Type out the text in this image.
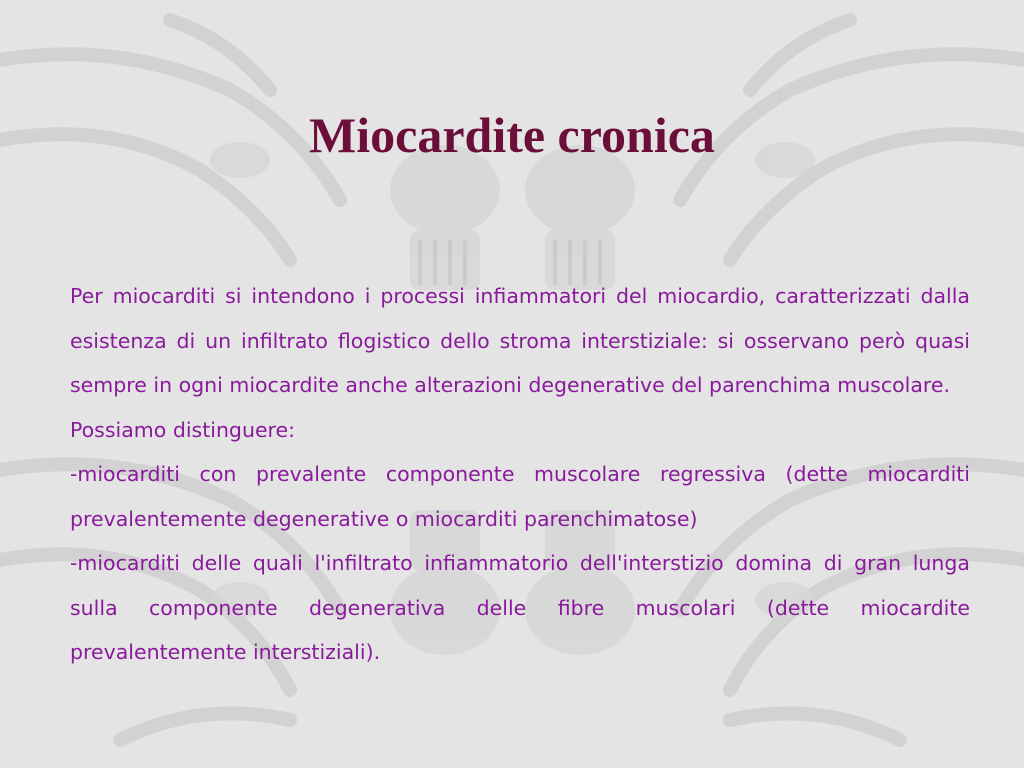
Miocardite cronica

Per miocarditi si intendono i processi infiammatori del miocardio, caratterizzati dalla esistenza di un infiltrato flogistico dello stroma interstiziale: si osservano però quasi sempre in ogni miocardite anche alterazioni degenerative del parenchima muscolare.

Possiamo distinguere:

-miocarditi con prevalente componente muscolare regressiva (dette miocarditi prevalentemente degenerative o miocarditi parenchimatose)

-miocarditi delle quali l'infiltrato infiammatorio dell'interstizio domina di gran lunga sulla componente degenerativa delle fibre muscolari (dette miocardite prevalentemente interstiziali).
